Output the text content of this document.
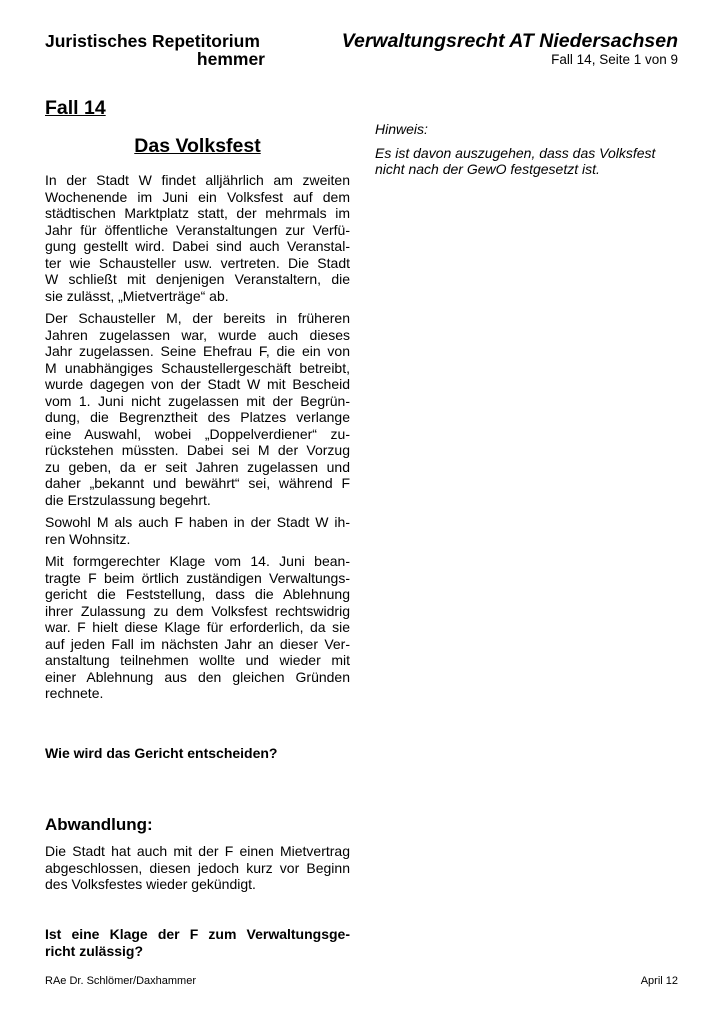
Juristisches Repetitorium
hemmer
Verwaltungsrecht AT Niedersachsen
Fall 14, Seite 1 von 9
Fall 14
Das Volksfest
Hinweis:
Es ist davon auszugehen, dass das Volksfest
nicht nach der GewO festgesetzt ist.
In der Stadt W findet alljährlich am zweiten
Wochenende im Juni ein Volksfest auf dem
städtischen Marktplatz statt, der mehrmals im
Jahr für öffentliche Veranstaltungen zur Verfü-
gung gestellt wird. Dabei sind auch Veranstal-
ter wie Schausteller usw. vertreten. Die Stadt
W schließt mit denjenigen Veranstaltern, die
sie zulässt, „Mietverträge“ ab.
Der Schausteller M, der bereits in früheren
Jahren zugelassen war, wurde auch dieses
Jahr zugelassen. Seine Ehefrau F, die ein von
M unabhängiges Schaustellergeschäft betreibt,
wurde dagegen von der Stadt W mit Bescheid
vom 1. Juni nicht zugelassen mit der Begrün-
dung, die Begrenztheit des Platzes verlange
eine Auswahl, wobei „Doppelverdiener“ zu-
rückstehen müssten. Dabei sei M der Vorzug
zu geben, da er seit Jahren zugelassen und
daher „bekannt und bewährt“ sei, während F
die Erstzulassung begehrt.
Sowohl M als auch F haben in der Stadt W ih-
ren Wohnsitz.
Mit formgerechter Klage vom 14. Juni bean-
tragte F beim örtlich zuständigen Verwaltungs-
gericht die Feststellung, dass die Ablehnung
ihrer Zulassung zu dem Volksfest rechtswidrig
war. F hielt diese Klage für erforderlich, da sie
auf jeden Fall im nächsten Jahr an dieser Ver-
anstaltung teilnehmen wollte und wieder mit
einer Ablehnung aus den gleichen Gründen
rechnete.
Wie wird das Gericht entscheiden?
Abwandlung:
Die Stadt hat auch mit der F einen Mietvertrag
abgeschlossen, diesen jedoch kurz vor Beginn
des Volksfestes wieder gekündigt.
Ist eine Klage der F zum Verwaltungsge-
richt zulässig?
RAe Dr. Schlömer/Daxhammer	April 12
